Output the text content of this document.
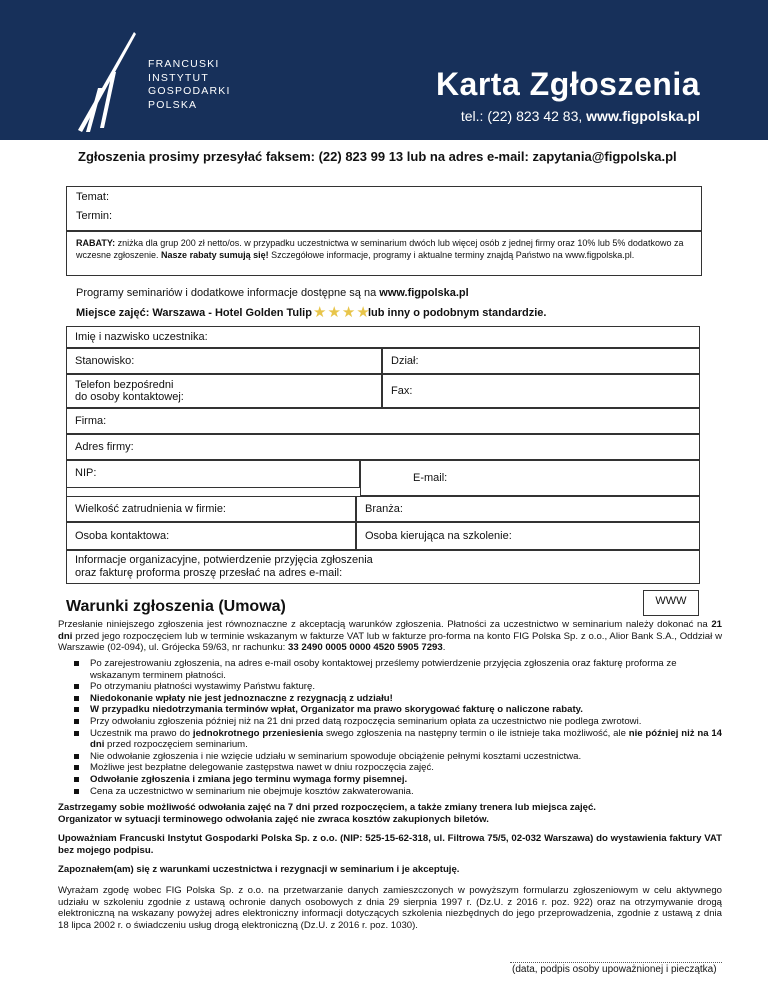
FRANCUSKI
INSTYTUT
GOSPODARKI
POLSKA
Karta Zgłoszenia
tel.: (22) 823 42 83, www.figpolska.pl
Zgłoszenia prosimy przesyłać faksem: (22) 823 99 13 lub na adres e-mail: zapytania@figpolska.pl
Temat:
Termin:
RABATY: zniżka dla grup 200 zł netto/os. w przypadku uczestnictwa w seminarium dwóch lub więcej osób z jednej firmy oraz 10% lub 5% dodatkowo za wczesne zgłoszenie. Nasze rabaty sumują się! Szczegółowe informacje, programy i aktualne terminy znajdą Państwo na www.figpolska.pl.
Programy seminariów i dodatkowe informacje dostępne są na www.figpolska.pl
Miejsce zajęć: Warszawa - Hotel Golden Tulip ★★★★
lub inny o podobnym standardzie.
Imię i nazwisko uczestnika:
Stanowisko:	Dział:
Telefon bezpośredni
do osoby kontaktowej:	Fax:
Firma:
Adres firmy:
NIP:	E-mail:
Wielkość zatrudnienia w firmie:	Branża:
Osoba kontaktowa:	Osoba kierująca na szkolenie:
Informacje organizacyjne, potwierdzenie przyjęcia zgłoszenia
oraz fakturę proforma proszę przesłać na adres e-mail:
Warunki zgłoszenia (Umowa)	WWW
Przesłanie niniejszego zgłoszenia jest równoznaczne z akceptacją warunków zgłoszenia. Płatności za uczestnictwo w seminarium należy dokonać na 21 dni przed jego rozpoczęciem lub w terminie wskazanym w fakturze VAT lub w fakturze pro-forma na konto FIG Polska Sp. z o.o., Alior Bank S.A., Oddział w Warszawie (02-094), ul. Grójecka 59/63, nr rachunku: 33 2490 0005 0000 4520 5905 7293.
Po zarejestrowaniu zgłoszenia, na adres e-mail osoby kontaktowej prześlemy potwierdzenie przyjęcia zgłoszenia oraz fakturę proforma ze wskazanym terminem płatności.
Po otrzymaniu płatności wystawimy Państwu fakturę.
Niedokonanie wpłaty nie jest jednoznaczne z rezygnacją z udziału!
W przypadku niedotrzymania terminów wpłat, Organizator ma prawo skorygować fakturę o naliczone rabaty.
Przy odwołaniu zgłoszenia później niż na 21 dni przed datą rozpoczęcia seminarium opłata za uczestnictwo nie podlega zwrotowi.
Uczestnik ma prawo do jednokrotnego przeniesienia swego zgłoszenia na następny termin o ile istnieje taka możliwość, ale nie później niż na 14 dni przed rozpoczęciem seminarium.
Nie odwołanie zgłoszenia i nie wzięcie udziału w seminarium spowoduje obciążenie pełnymi kosztami uczestnictwa.
Możliwe jest bezpłatne delegowanie zastępstwa nawet w dniu rozpoczęcia zajęć.
Odwołanie zgłoszenia i zmiana jego terminu wymaga formy pisemnej.
Cena za uczestnictwo w seminarium nie obejmuje kosztów zakwaterowania.
Zastrzegamy sobie możliwość odwołania zajęć na 7 dni przed rozpoczęciem, a także zmiany trenera lub miejsca zajęć.
Organizator w sytuacji terminowego odwołania zajęć nie zwraca kosztów zakupionych biletów.
Upoważniam Francuski Instytut Gospodarki Polska Sp. z o.o. (NIP: 525-15-62-318, ul. Filtrowa 75/5, 02-032 Warszawa) do wystawienia faktury VAT bez mojego podpisu.
Zapoznałem(am) się z warunkami uczestnictwa i rezygnacji w seminarium i je akceptuję.
Wyrażam zgodę wobec FIG Polska Sp. z o.o. na przetwarzanie danych zamieszczonych w powyższym formularzu zgłoszeniowym w celu aktywnego udziału w szkoleniu zgodnie z ustawą ochronie danych osobowych z dnia 29 sierpnia 1997 r. (Dz.U. z 2016 r. poz. 922) oraz na otrzymywanie drogą elektroniczną na wskazany powyżej adres elektroniczny informacji dotyczących szkolenia niezbędnych do jego przeprowadzenia, zgodnie z ustawą z dnia 18 lipca 2002 r. o świadczeniu usług drogą elektroniczną (Dz.U. z 2016 r. poz. 1030).
(data, podpis osoby upoważnionej i pieczątka)
